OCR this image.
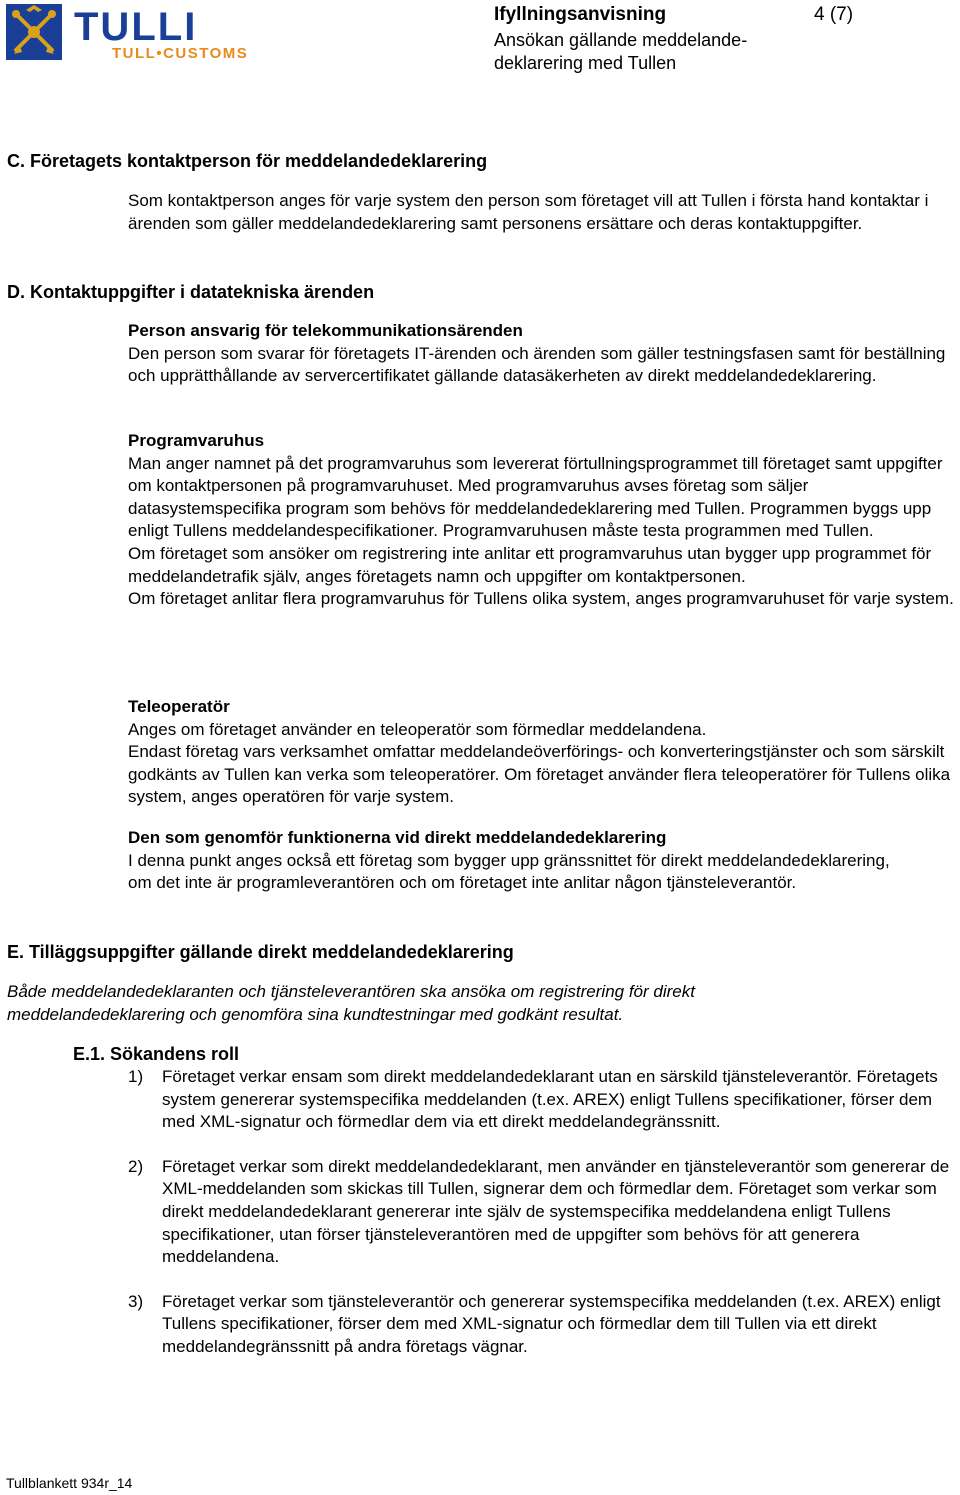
TULLI
TULL•CUSTOMS
Ifyllningsanvisning	4 (7)
Ansökan gällande meddelande-
deklarering med Tullen
C. Företagets kontaktperson för meddelandedeklarering

Som kontaktperson anges för varje system den person som företaget vill att Tullen i första hand kontaktar i ärenden som gäller meddelandedeklarering samt personens ersättare och deras kontaktuppgifter.

D. Kontaktuppgifter i datatekniska ärenden
Person ansvarig för telekommunikationsärenden
Den person som svarar för företagets IT-ärenden och ärenden som gäller testningsfasen samt för beställning och upprätthållande av servercertifikatet gällande datasäkerheten av direkt meddelandedeklarering.
Programvaruhus
Man anger namnet på det programvaruhus som levererat förtullningsprogrammet till företaget samt uppgifter om kontaktpersonen på programvaruhuset. Med programvaruhus avses företag som säljer datasystemspecifika program som behövs för meddelandedeklarering med Tullen. Programmen byggs upp enligt Tullens meddelandespecifikationer. Programvaruhusen måste testa programmen med Tullen.
Om företaget som ansöker om registrering inte anlitar ett programvaruhus utan bygger upp programmet för meddelandetrafik själv, anges företagets namn och uppgifter om kontaktpersonen.
Om företaget anlitar flera programvaruhus för Tullens olika system, anges programvaruhuset för varje system.
Teleoperatör
Anges om företaget använder en teleoperatör som förmedlar meddelandena.
Endast företag vars verksamhet omfattar meddelandeöverförings- och konverteringstjänster och som särskilt godkänts av Tullen kan verka som teleoperatörer. Om företaget använder flera teleoperatörer för Tullens olika system, anges operatören för varje system.
Den som genomför funktionerna vid direkt meddelandedeklarering
I denna punkt anges också ett företag som bygger upp gränssnittet för direkt meddelandedeklarering, om det inte är programleverantören och om företaget inte anlitar någon tjänsteleverantör.
E. Tilläggsuppgifter gällande direkt meddelandedeklarering

Både meddelandedeklaranten och tjänsteleverantören ska ansöka om registrering för direkt meddelandedeklarering och genomföra sina kundtestningar med godkänt resultat.

E.1. Sökandens roll
1) Företaget verkar ensam som direkt meddelandedeklarant utan en särskild tjänsteleverantör. Företagets system genererar systemspecifika meddelanden (t.ex. AREX) enligt Tullens specifikationer, förser dem med XML-signatur och förmedlar dem via ett direkt meddelandegränssnitt.
2) Företaget verkar som direkt meddelandedeklarant, men använder en tjänsteleverantör som genererar de XML-meddelanden som skickas till Tullen, signerar dem och förmedlar dem. Företaget som verkar som direkt meddelandedeklarant genererar inte själv de systemspecifika meddelandena enligt Tullens specifikationer, utan förser tjänsteleverantören med de uppgifter som behövs för att generera meddelandena.
3) Företaget verkar som tjänsteleverantör och genererar systemspecifika meddelanden (t.ex. AREX) enligt Tullens specifikationer, förser dem med XML-signatur och förmedlar dem till Tullen via ett direkt meddelandegränssnitt på andra företags vägnar.
Tullblankett 934r_14
